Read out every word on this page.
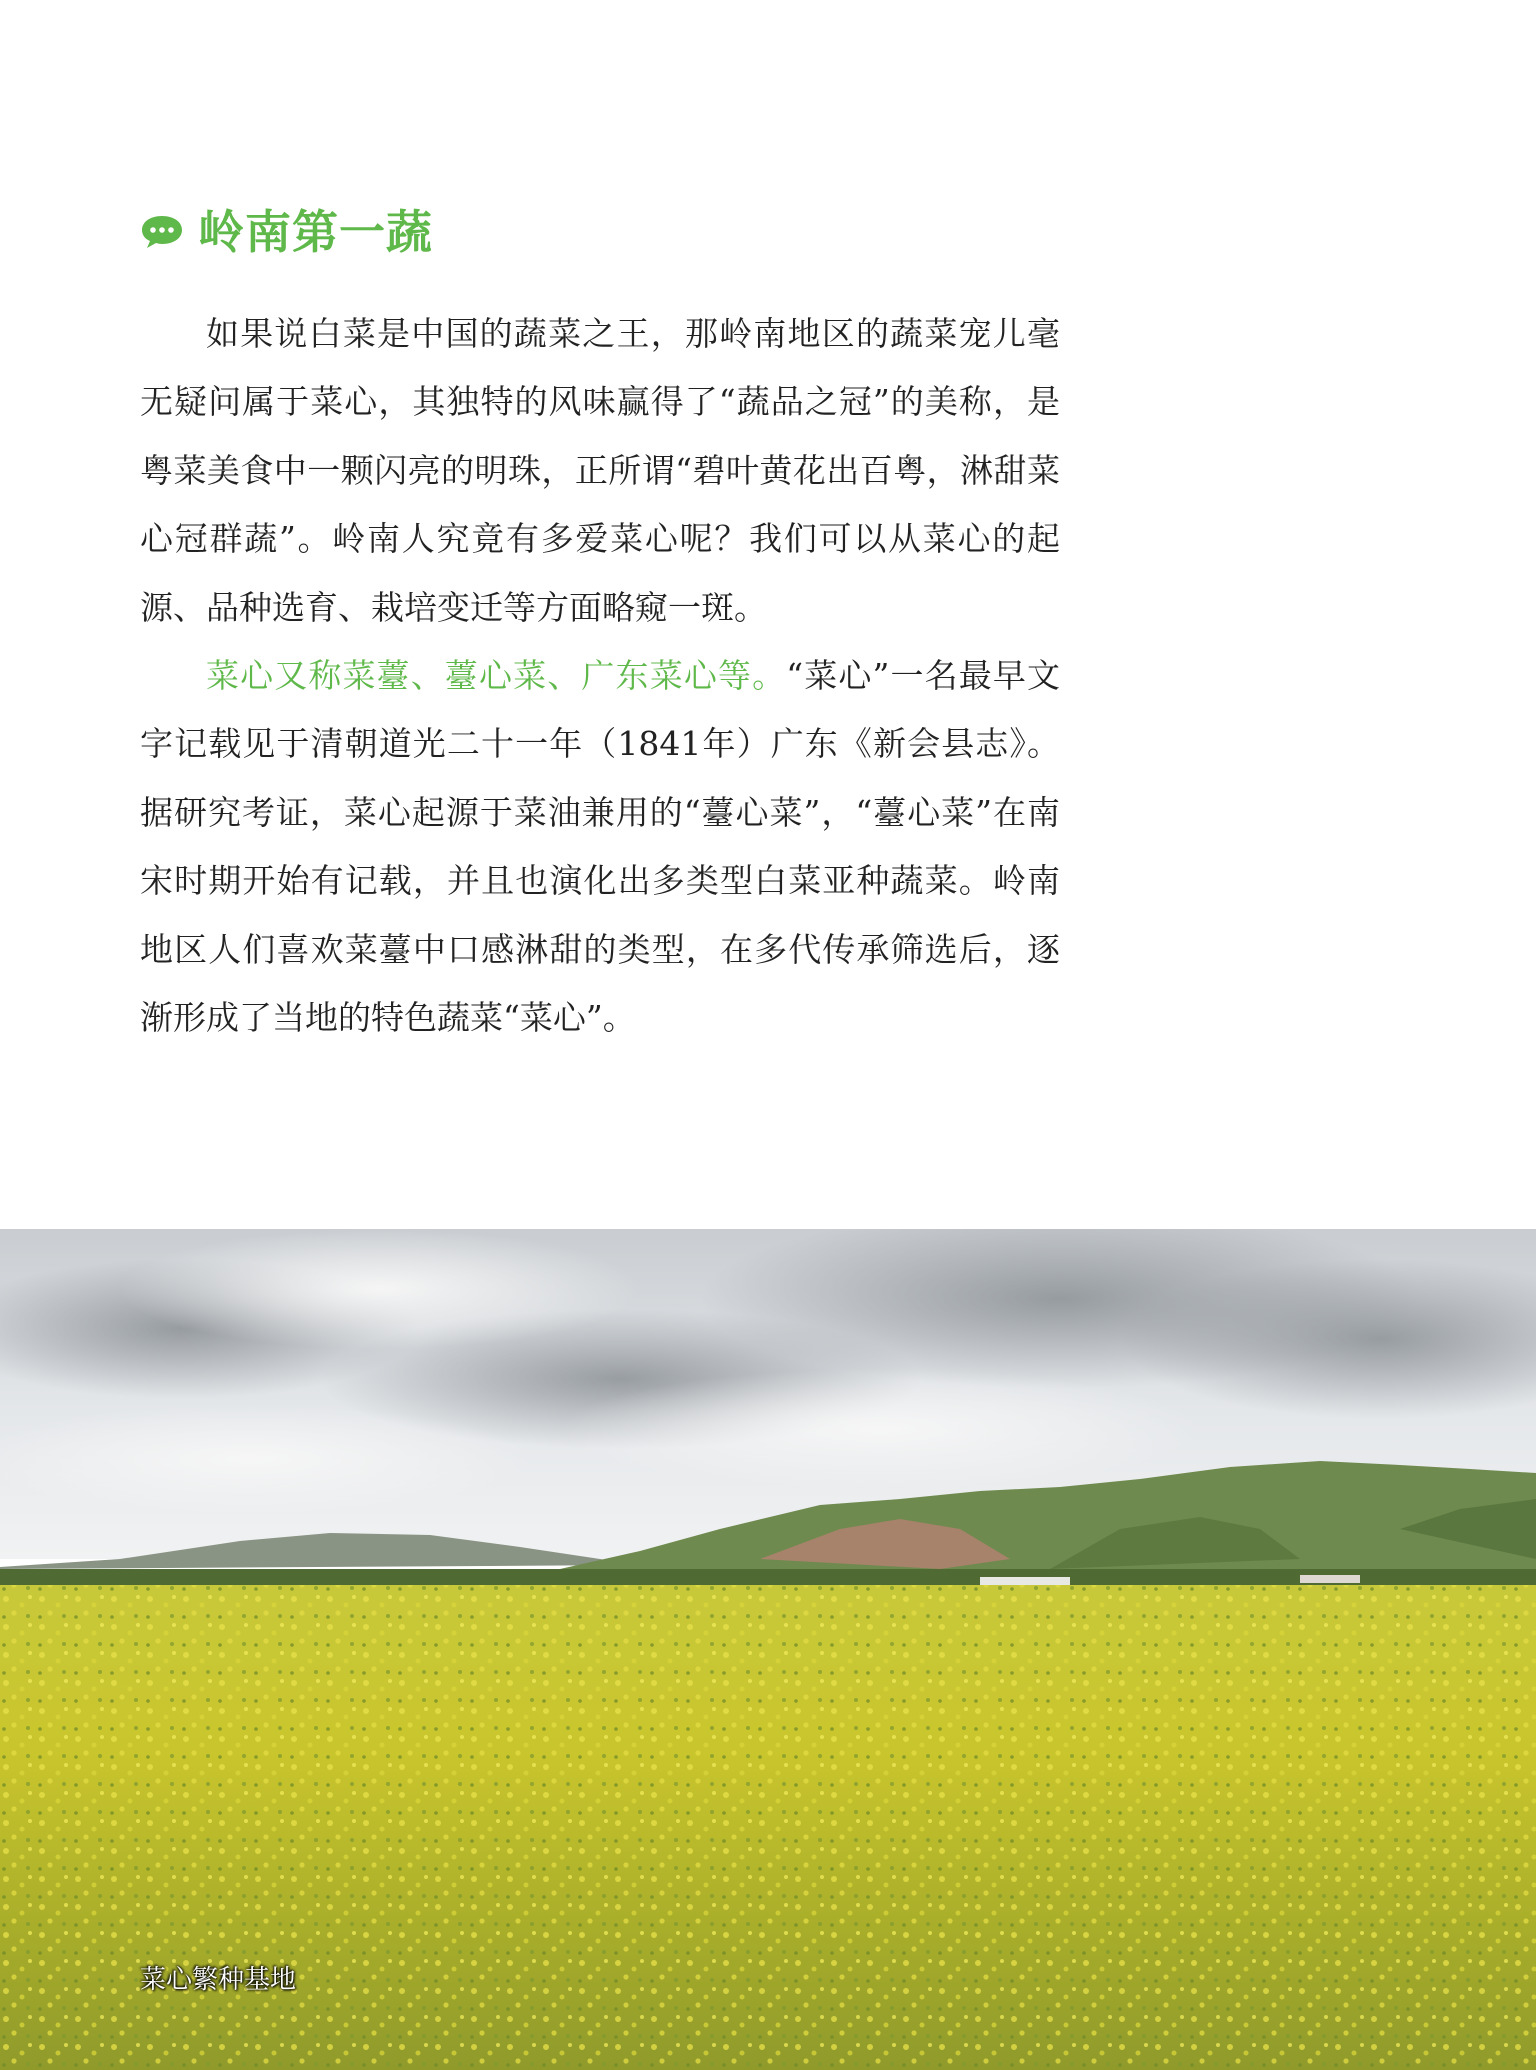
岭南第一蔬

如果说白菜是中国的蔬菜之王，那岭南地区的蔬菜宠儿毫无疑问属于菜心，其独特的风味赢得了“蔬品之冠”的美称，是粤菜美食中一颗闪亮的明珠，正所谓“碧叶黄花出百粤，淋甜菜心冠群蔬”。岭南人究竟有多爱菜心呢？我们可以从菜心的起源、品种选育、栽培变迁等方面略窥一斑。

菜心又称菜薹、薹心菜、广东菜心等。“菜心”一名最早文字记载见于清朝道光二十一年（1841年）广东《新会县志》。据研究考证，菜心起源于菜油兼用的“薹心菜”，“薹心菜”在南宋时期开始有记载，并且也演化出多类型白菜亚种蔬菜。岭南地区人们喜欢菜薹中口感淋甜的类型，在多代传承筛选后，逐渐形成了当地的特色蔬菜“菜心”。

菜心繁种基地
